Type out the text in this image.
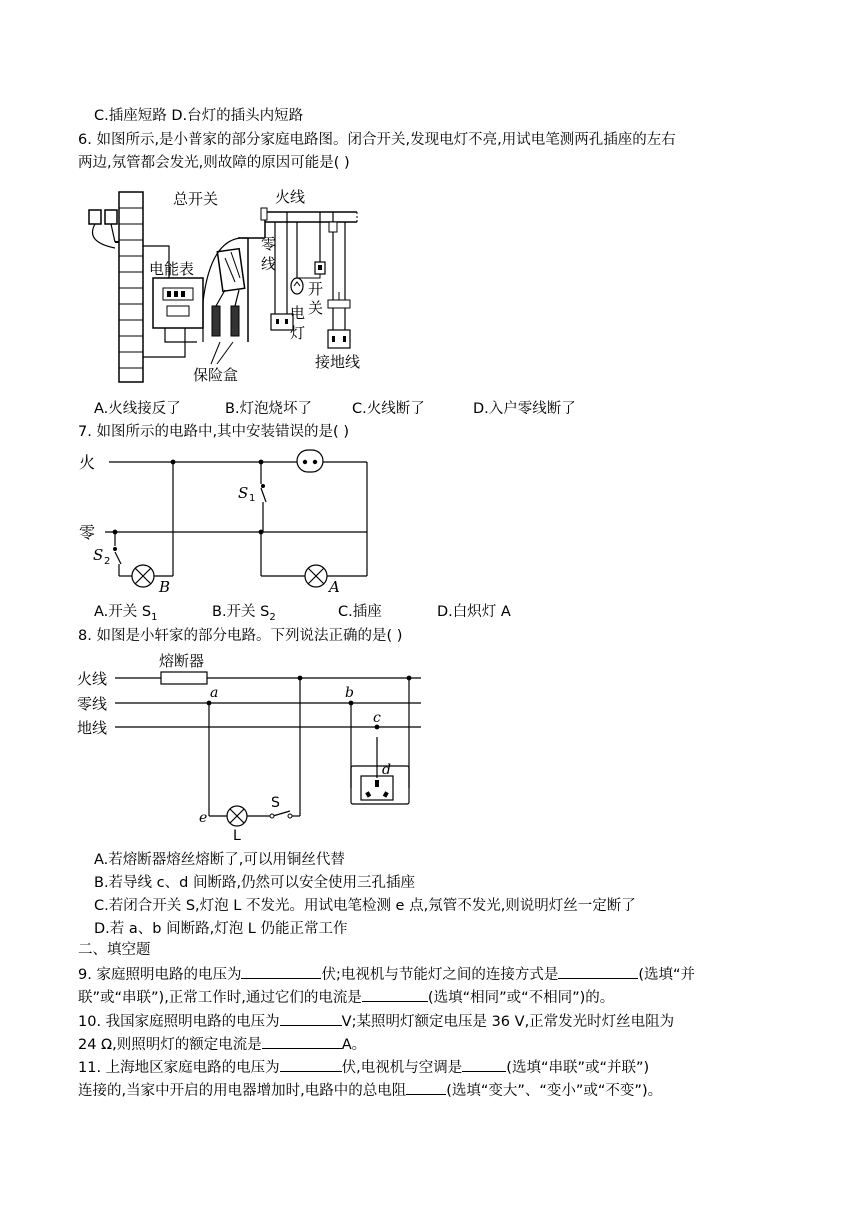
C.插座短路 D.台灯的插头内短路
6. 如图所示,是小普家的部分家庭电路图。闭合开关,发现电灯不亮,用试电笔测两孔插座的左右
两边,氖管都会发光,则故障的原因可能是( )
总开关	火线
零
线
电能表
开
关
电
灯
保险盒
接地线
A.火线接反了	B.灯泡烧坏了	C.火线断了	D.入户零线断了
7. 如图所示的电路中,其中安装错误的是( )
火
零
S 1
S 2
B	A
A.开关 $S_1$	B.开关 $S_2$	C.插座	D.白炽灯 A
8. 如图是小轩家的部分电路。下列说法正确的是( )
熔断器
火线
零线
地线
a	b
c
d
e
S
L
A.若熔断器熔丝熔断了,可以用铜丝代替
B.若导线 c、d 间断路,仍然可以安全使用三孔插座
C.若闭合开关 S,灯泡 L 不发光。用试电笔检测 e 点,氖管不发光,则说明灯丝一定断了
D.若 a、b 间断路,灯泡 L 仍能正常工作
二、填空题
9. 家庭照明电路的电压为	伏;电视机与节能灯之间的连接方式是	(选填“并
联”或“串联”),正常工作时,通过它们的电流是	(选填“相同”或“不相同”)的。
10. 我国家庭照明电路的电压为	V;某照明灯额定电压是 36 V,正常发光时灯丝电阻为
24 Ω,则照明灯的额定电流是	A。
11. 上海地区家庭电路的电压为	伏,电视机与空调是	(选填“串联”或“并联”)
连接的,当家中开启的用电器增加时,电路中的总电阻	(选填“变大”、“变小”或“不变”)。
